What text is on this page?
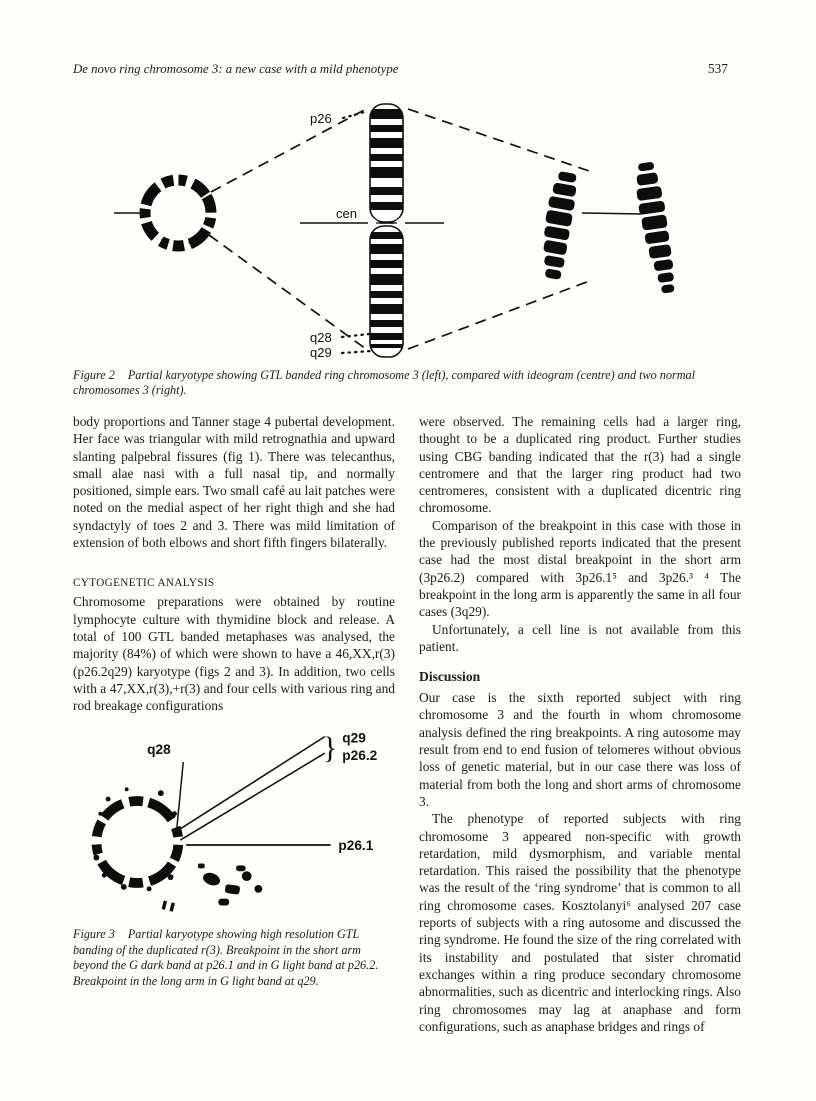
De novo ring chromosome 3: a new case with a mild phenotype	537
p26
cen
q28
q29
Figure 2 Partial karyotype showing GTL banded ring chromosome 3 (left), compared with ideogram (centre) and two normal chromosomes 3 (right).

body proportions and Tanner stage 4 pubertal development. Her face was triangular with mild retrognathia and upward slanting palpebral fissures (fig 1). There was telecanthus, small alae nasi with a full nasal tip, and normally positioned, simple ears. Two small café au lait patches were noted on the medial aspect of her right thigh and she had syndactyly of toes 2 and 3. There was mild limitation of extension of both elbows and short fifth fingers bilaterally.

CYTOGENETIC ANALYSIS

Chromosome preparations were obtained by routine lymphocyte culture with thymidine block and release. A total of 100 GTL banded metaphases was analysed, the majority (84%) of which were shown to have a 46,XX,r(3)(p26.2q29) karyotype (figs 2 and 3). In addition, two cells with a 47,XX,r(3),+r(3) and four cells with various ring and rod breakage configurations

q28	} q29
p26.2
p26.1
Figure 3 Partial karyotype showing high resolution GTL banding of the duplicated r(3). Breakpoint in the short arm beyond the G dark band at p26.1 and in G light band at p26.2. Breakpoint in the long arm in G light band at q29.

were observed. The remaining cells had a larger ring, thought to be a duplicated ring product. Further studies using CBG banding indicated that the r(3) had a single centromere and that the larger ring product had two centromeres, consistent with a duplicated dicentric ring chromosome.

Comparison of the breakpoint in this case with those in the previously published reports indicated that the present case had the most distal breakpoint in the short arm (3p26.2) compared with 3p26.1⁵ and 3p26.³ ⁴ The breakpoint in the long arm is apparently the same in all four cases (3q29).

Unfortunately, a cell line is not available from this patient.

Discussion

Our case is the sixth reported subject with ring chromosome 3 and the fourth in whom chromosome analysis defined the ring breakpoints. A ring autosome may result from end to end fusion of telomeres without obvious loss of genetic material, but in our case there was loss of material from both the long and short arms of chromosome 3.

The phenotype of reported subjects with ring chromosome 3 appeared non-specific with growth retardation, mild dysmorphism, and variable mental retardation. This raised the possibility that the phenotype was the result of the ‘ring syndrome’ that is common to all ring chromosome cases. Kosztolanyi⁶ analysed 207 case reports of subjects with a ring autosome and discussed the ring syndrome. He found the size of the ring correlated with its instability and postulated that sister chromatid exchanges within a ring produce secondary chromosome abnormalities, such as dicentric and interlocking rings. Also ring chromosomes may lag at anaphase and form configurations, such as anaphase bridges and rings of
